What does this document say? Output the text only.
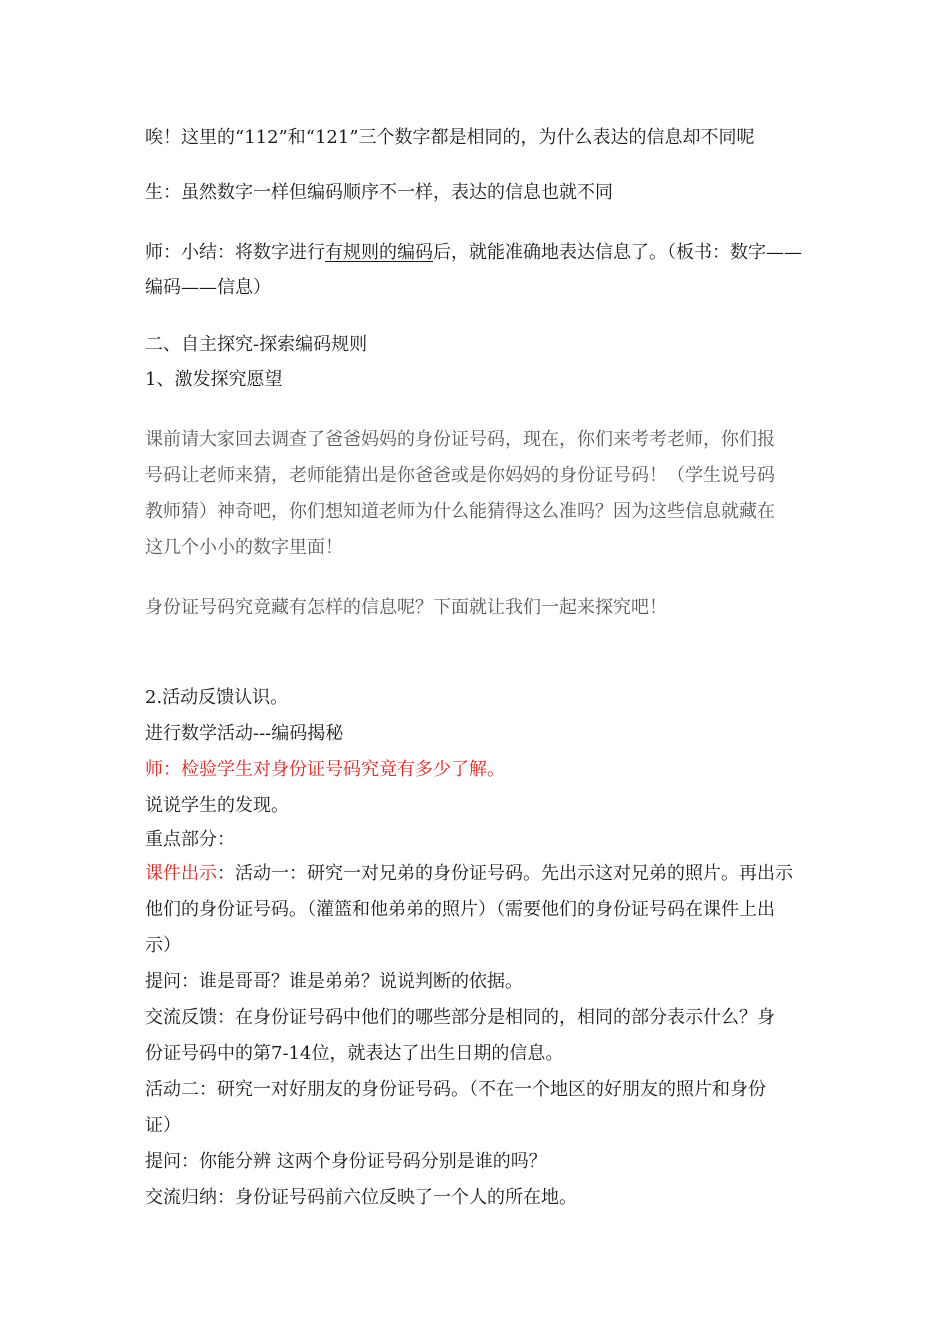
唉！这里的“112”和“121”三个数字都是相同的，为什么表达的信息却不同呢
生：虽然数字一样但编码顺序不一样，表达的信息也就不同
师：小结：将数字进行有规则的编码后，就能准确地表达信息了。（板书：数字——
编码——信息）
二、自主探究-探索编码规则
1、激发探究愿望
课前请大家回去调查了爸爸妈妈的身份证号码，现在，你们来考考老师，你们报
号码让老师来猜，老师能猜出是你爸爸或是你妈妈的身份证号码！（学生说号码
教师猜）神奇吧，你们想知道老师为什么能猜得这么准吗？因为这些信息就藏在
这几个小小的数字里面！
身份证号码究竟藏有怎样的信息呢？下面就让我们一起来探究吧！
2.活动反馈认识。
进行数学活动---编码揭秘
师：检验学生对身份证号码究竟有多少了解。
说说学生的发现。
重点部分：
课件出示：活动一：研究一对兄弟的身份证号码。先出示这对兄弟的照片。再出示
他们的身份证号码。（灌篮和他弟弟的照片）（需要他们的身份证号码在课件上出
示）
提问：谁是哥哥？谁是弟弟？说说判断的依据。
交流反馈：在身份证号码中他们的哪些部分是相同的，相同的部分表示什么？身
份证号码中的第7-14位，就表达了出生日期的信息。
活动二：研究一对好朋友的身份证号码。（不在一个地区的好朋友的照片和身份
证）
提问：你能分辨 这两个身份证号码分别是谁的吗？
交流归纳：身份证号码前六位反映了一个人的所在地。
